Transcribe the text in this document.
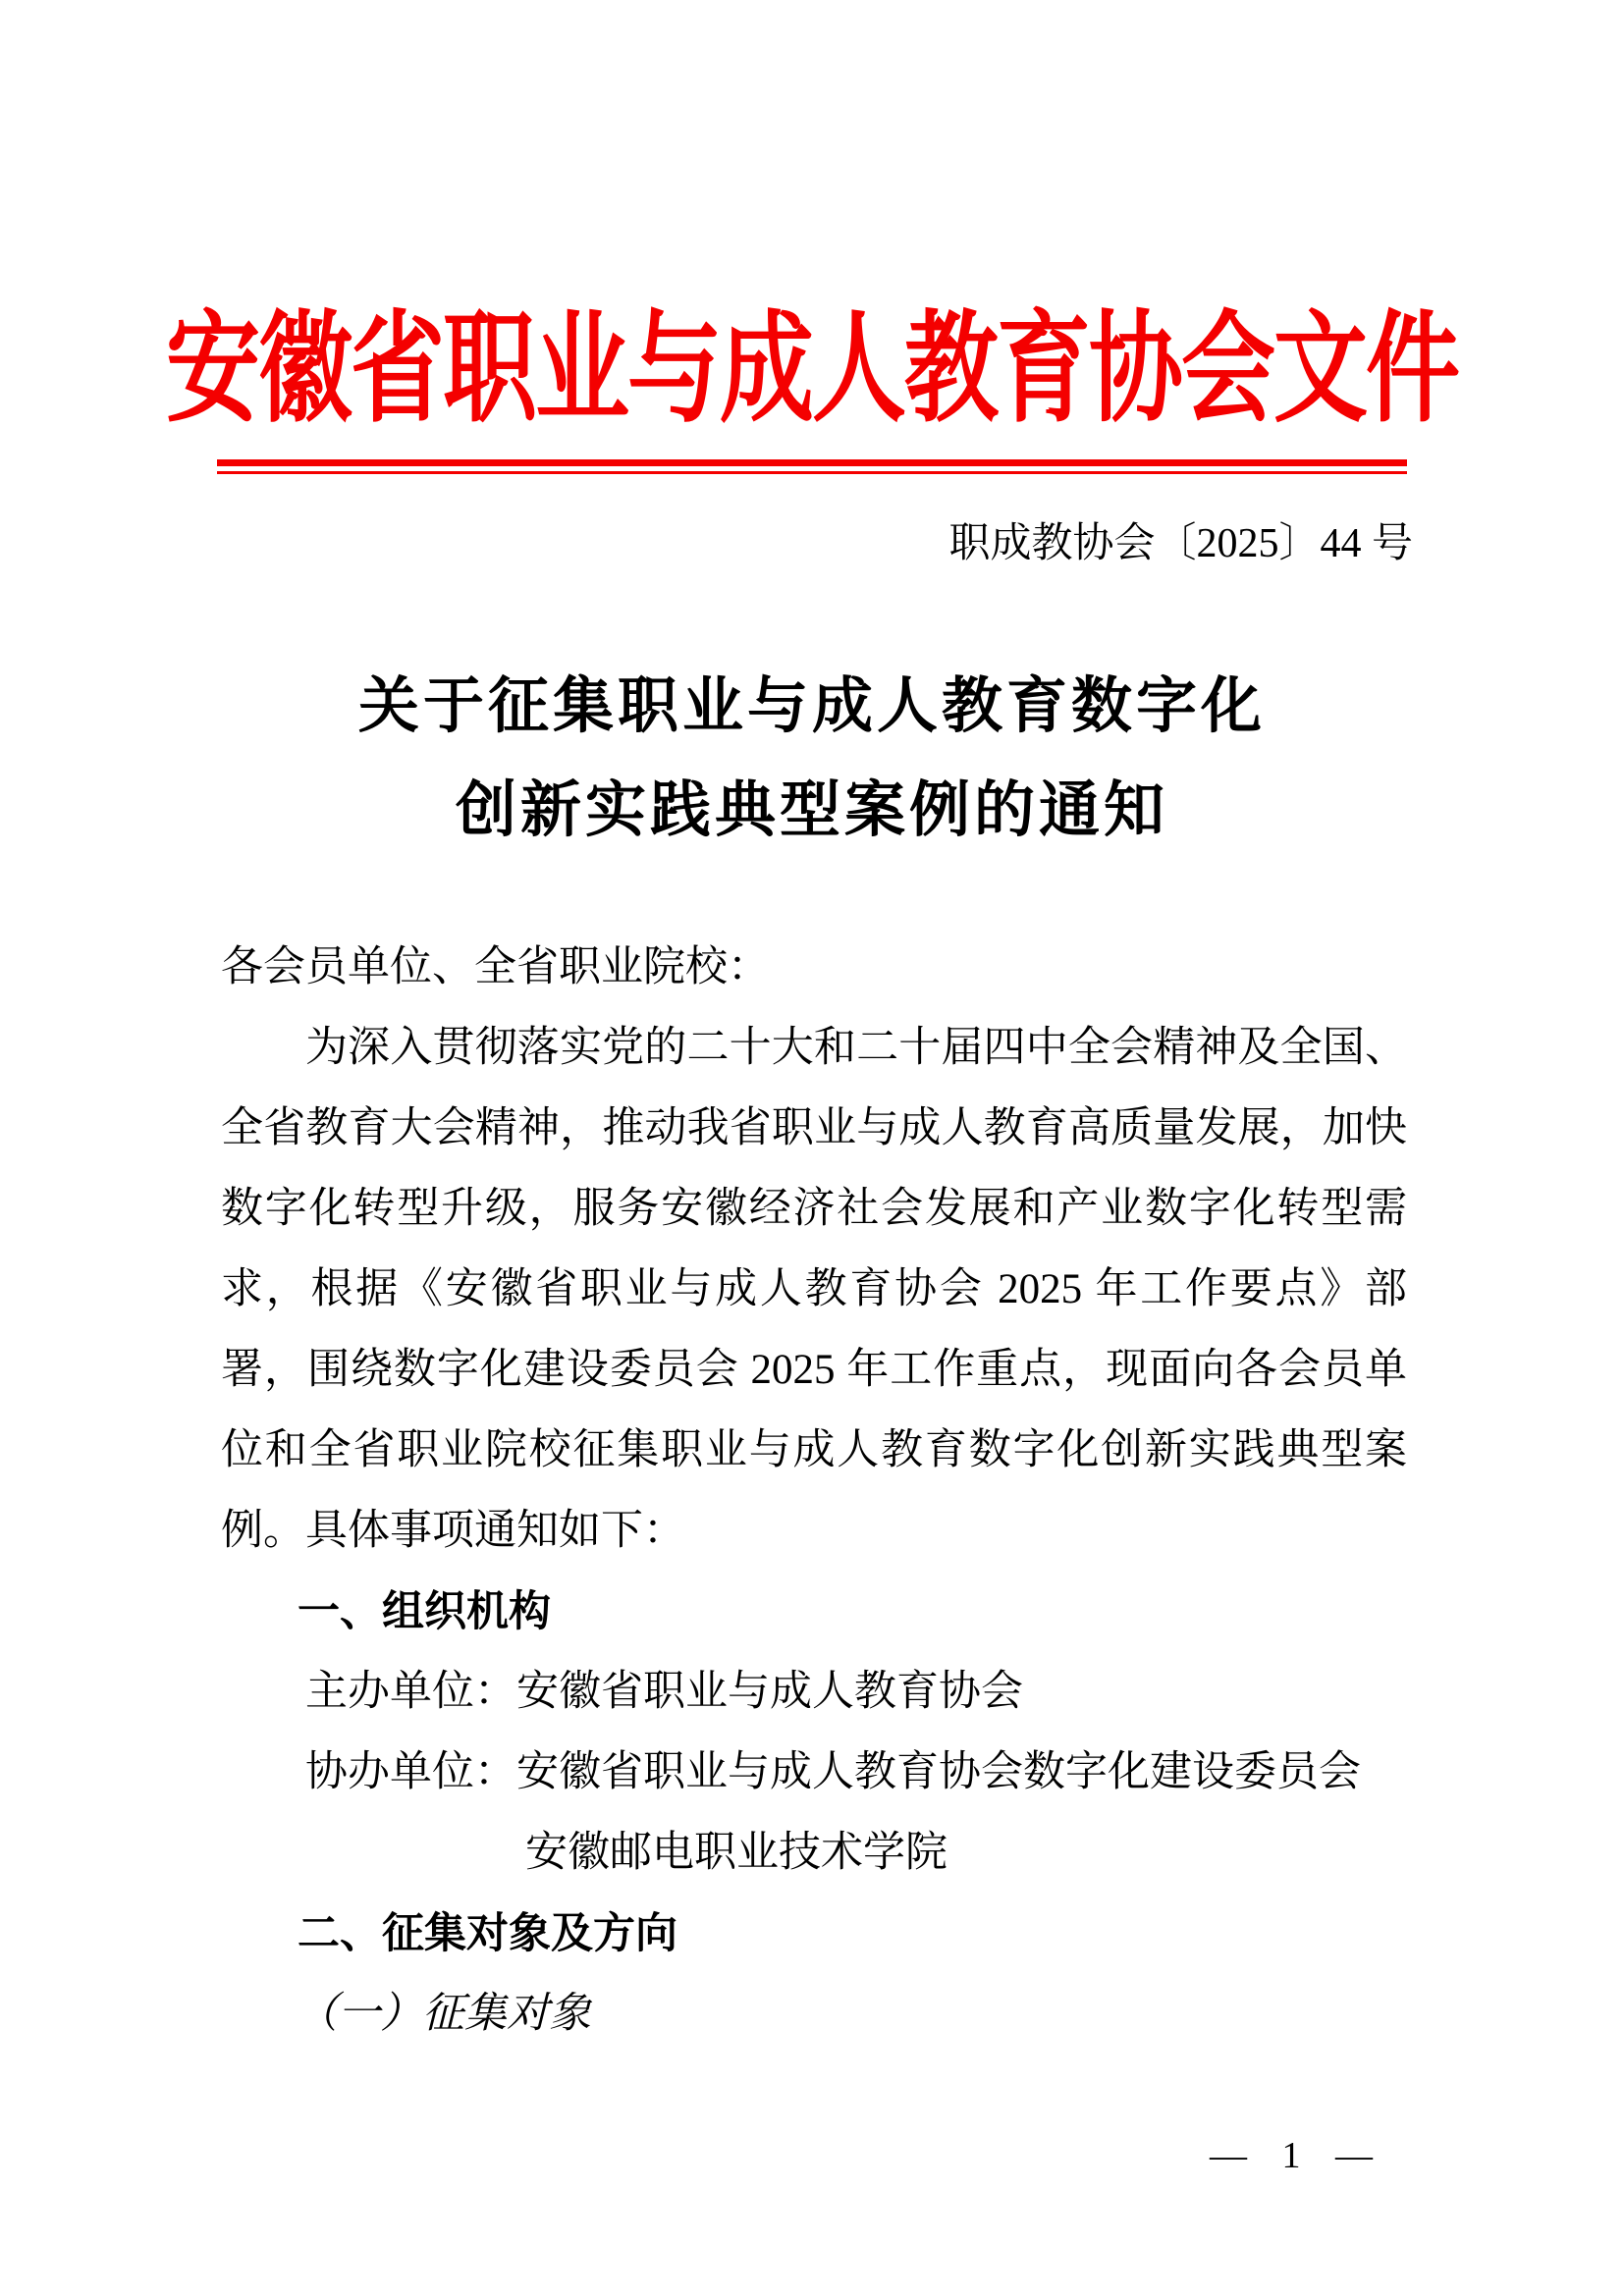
安徽省职业与成人教育协会文件
职成教协会〔2025〕44 号
关于征集职业与成人教育数字化
创新实践典型案例的通知
各会员单位、全省职业院校：
为深入贯彻落实党的二十大和二十届四中全会精神及全国、全省教育大会精神，推动我省职业与成人教育高质量发展，加快数字化转型升级，服务安徽经济社会发展和产业数字化转型需求，根据《安徽省职业与成人教育协会 2025 年工作要点》部署，围绕数字化建设委员会 2025 年工作重点，现面向各会员单位和全省职业院校征集职业与成人教育数字化创新实践典型案例。具体事项通知如下：
一、组织机构
主办单位：安徽省职业与成人教育协会
协办单位：安徽省职业与成人教育协会数字化建设委员会
安徽邮电职业技术学院
二、征集对象及方向
（一）征集对象
— 1 —
